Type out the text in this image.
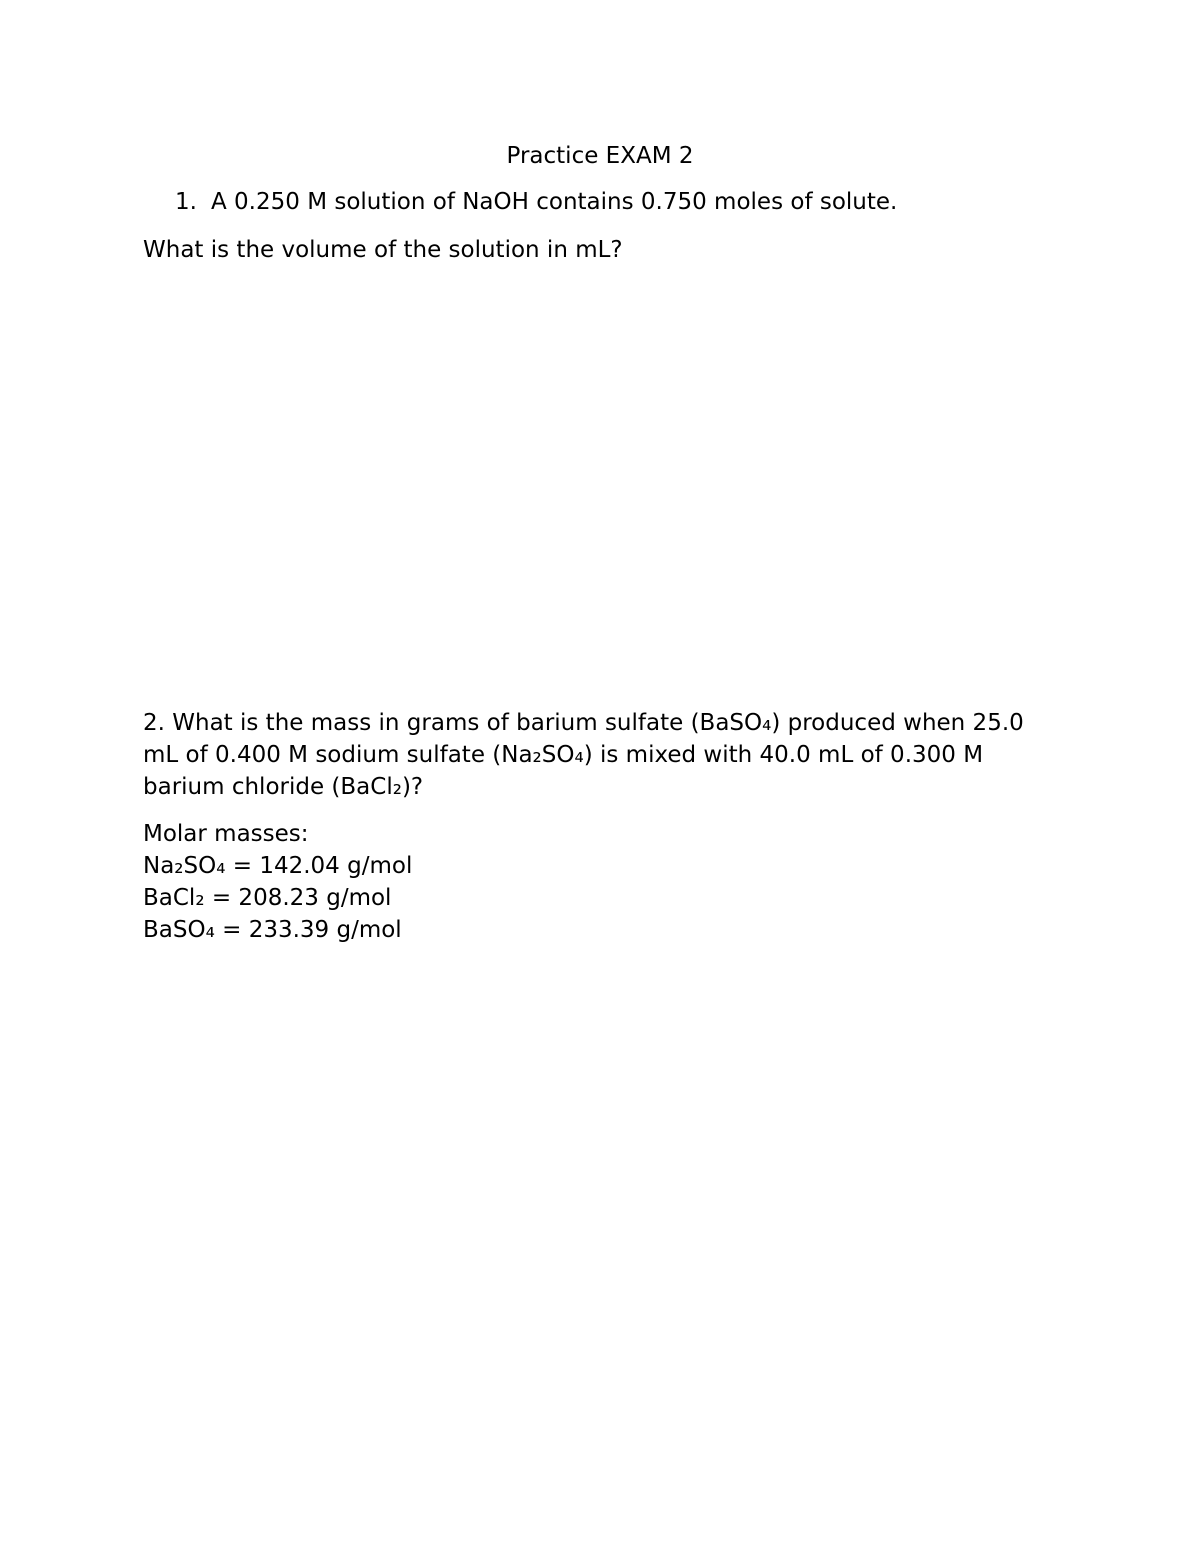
Practice EXAM 2
1. A 0.250 M solution of NaOH contains 0.750 moles of solute.
What is the volume of the solution in mL?
2. What is the mass in grams of barium sulfate (BaSO₄) produced when 25.0
mL of 0.400 M sodium sulfate (Na₂SO₄) is mixed with 40.0 mL of 0.300 M
barium chloride (BaCl₂)?
Molar masses:
Na₂SO₄ = 142.04 g/mol
BaCl₂ = 208.23 g/mol
BaSO₄ = 233.39 g/mol
